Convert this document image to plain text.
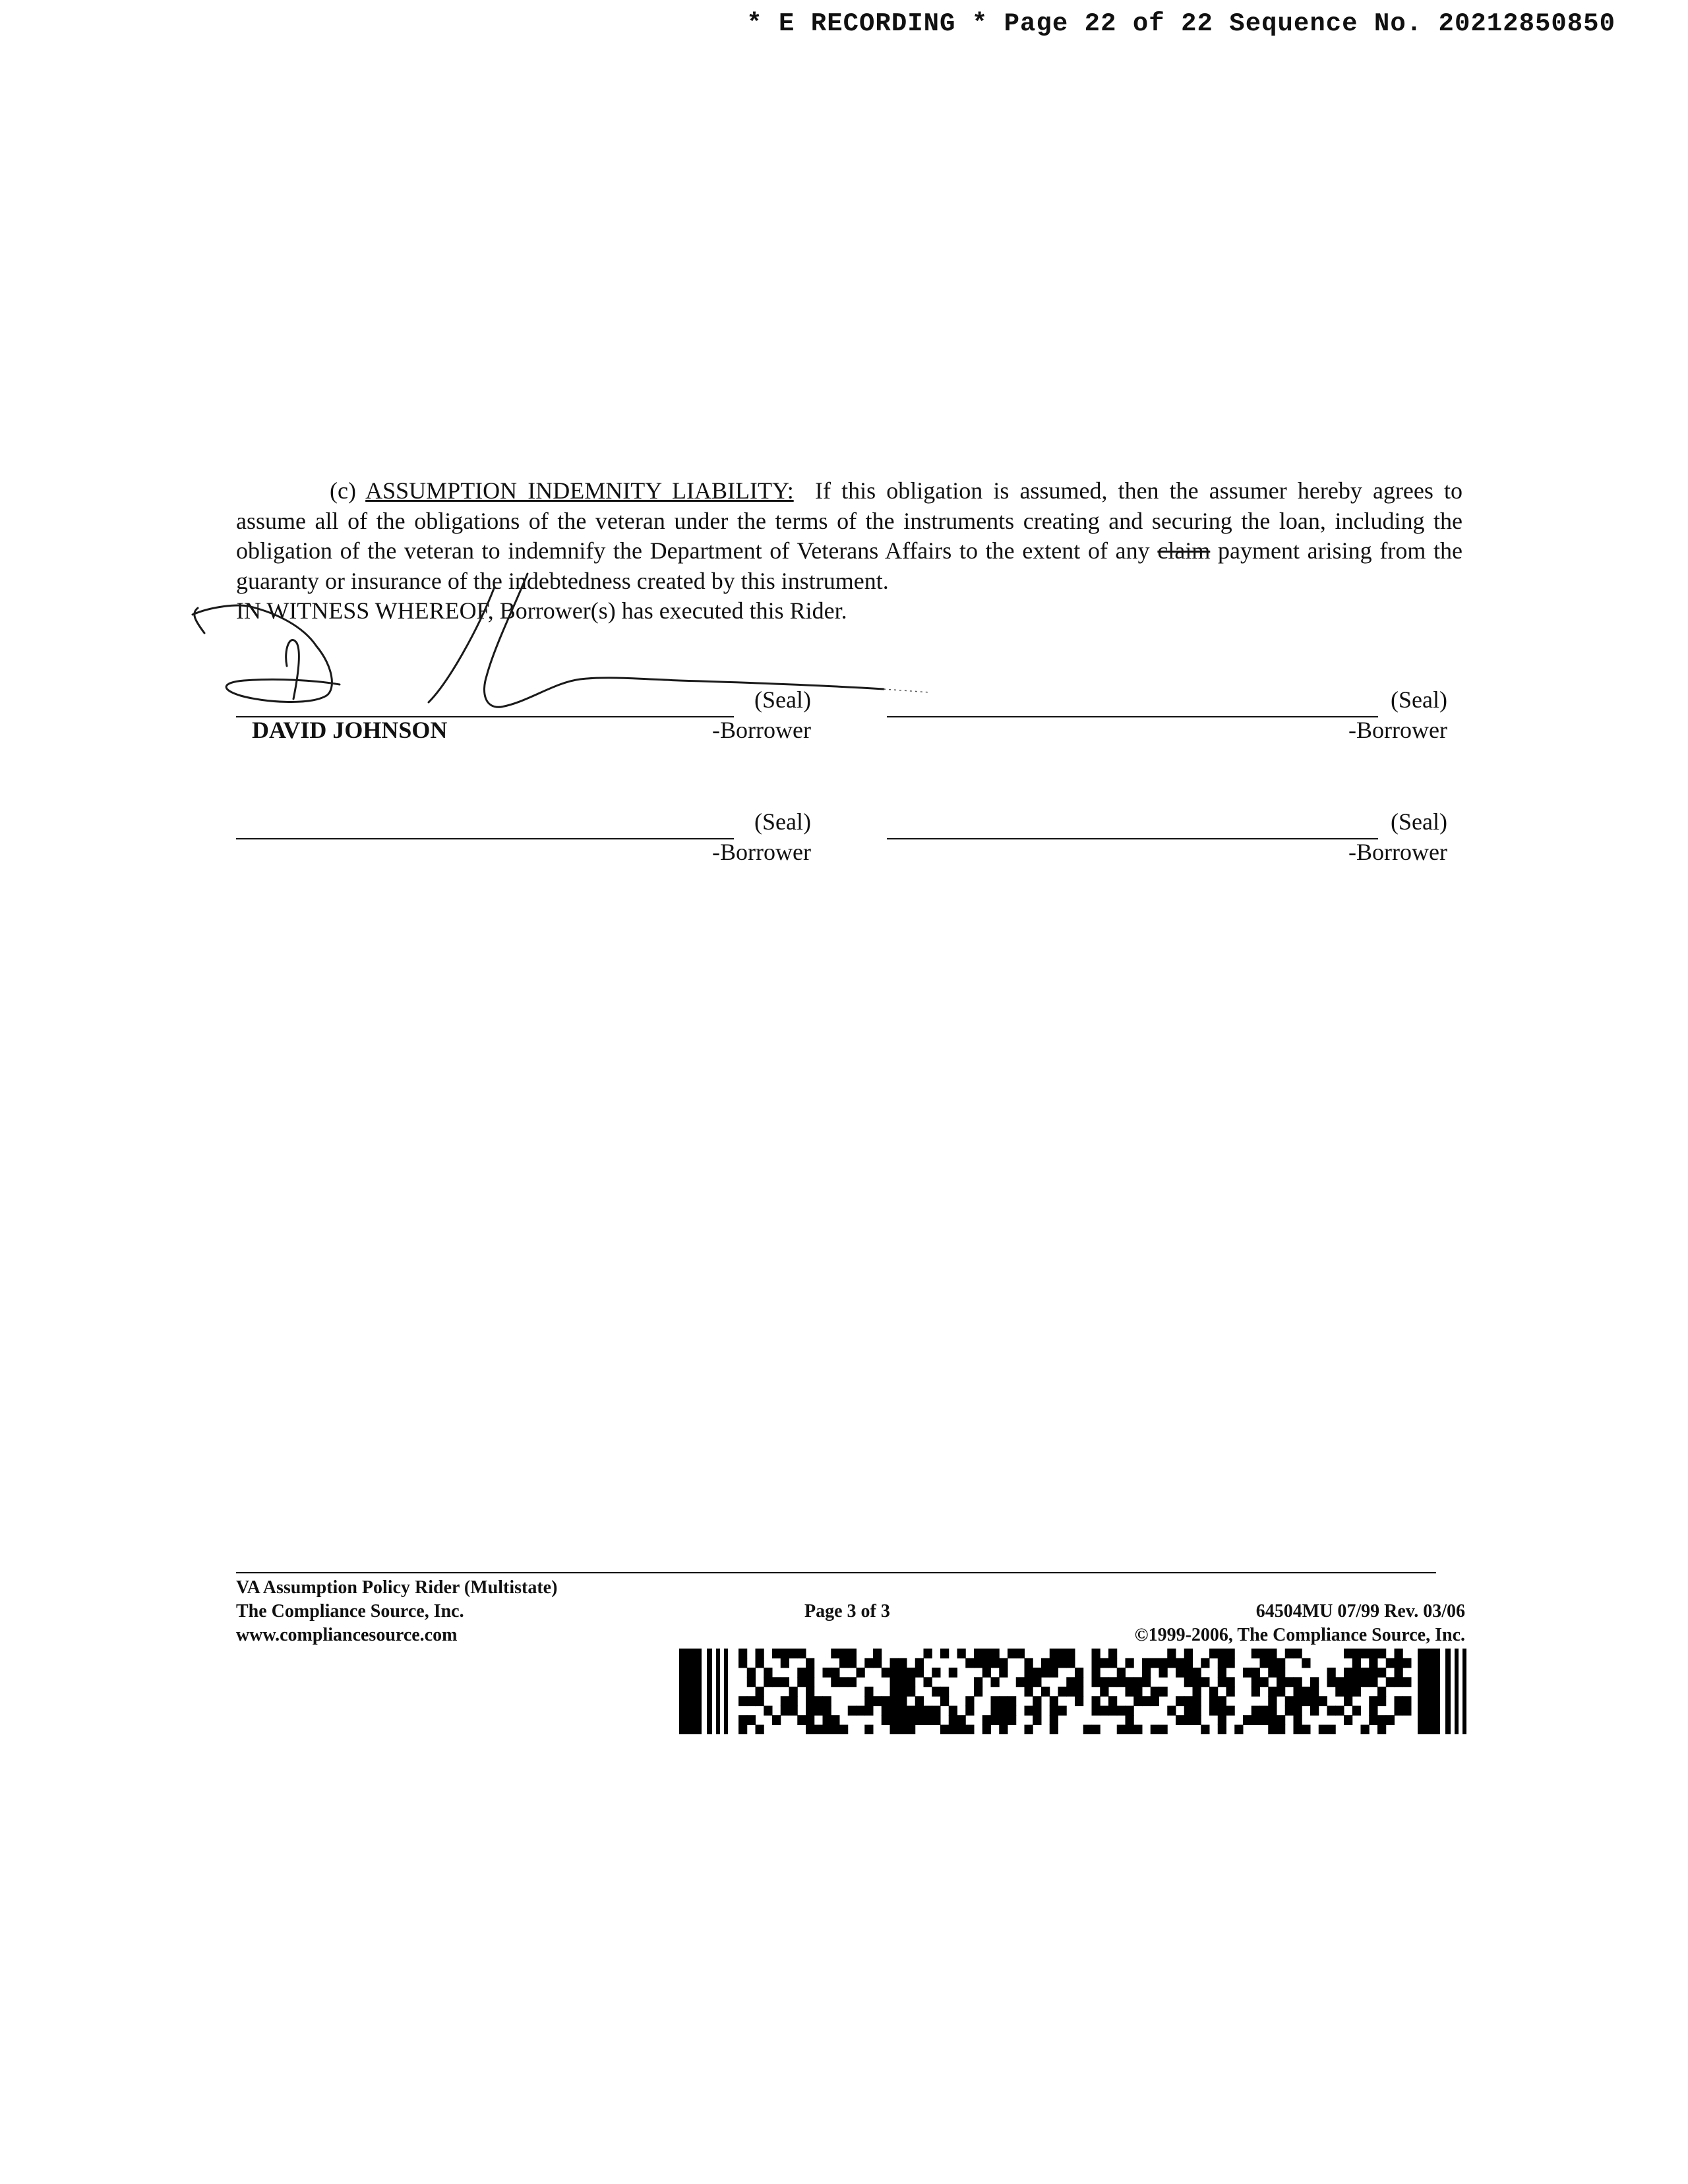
* E RECORDING * Page 22 of 22 Sequence No. 20212850850

(c) ASSUMPTION INDEMNITY LIABILITY: If this obligation is assumed, then the assumer hereby agrees to assume all of the obligations of the veteran under the terms of the instruments creating and securing the loan, including the obligation of the veteran to indemnify the Department of Veterans Affairs to the extent of any claim payment arising from the guaranty or insurance of the indebtedness created by this instrument.

IN WITNESS WHEREOF, Borrower(s) has executed this Rider.

(Seal)
DAVID JOHNSON	-Borrower
(Seal)
-Borrower
(Seal)
-Borrower
(Seal)
-Borrower
VA Assumption Policy Rider (Multistate)
The Compliance Source, Inc.
www.compliancesource.com
Page 3 of 3	64504MU 07/99 Rev. 03/06
©1999-2006, The Compliance Source, Inc.
